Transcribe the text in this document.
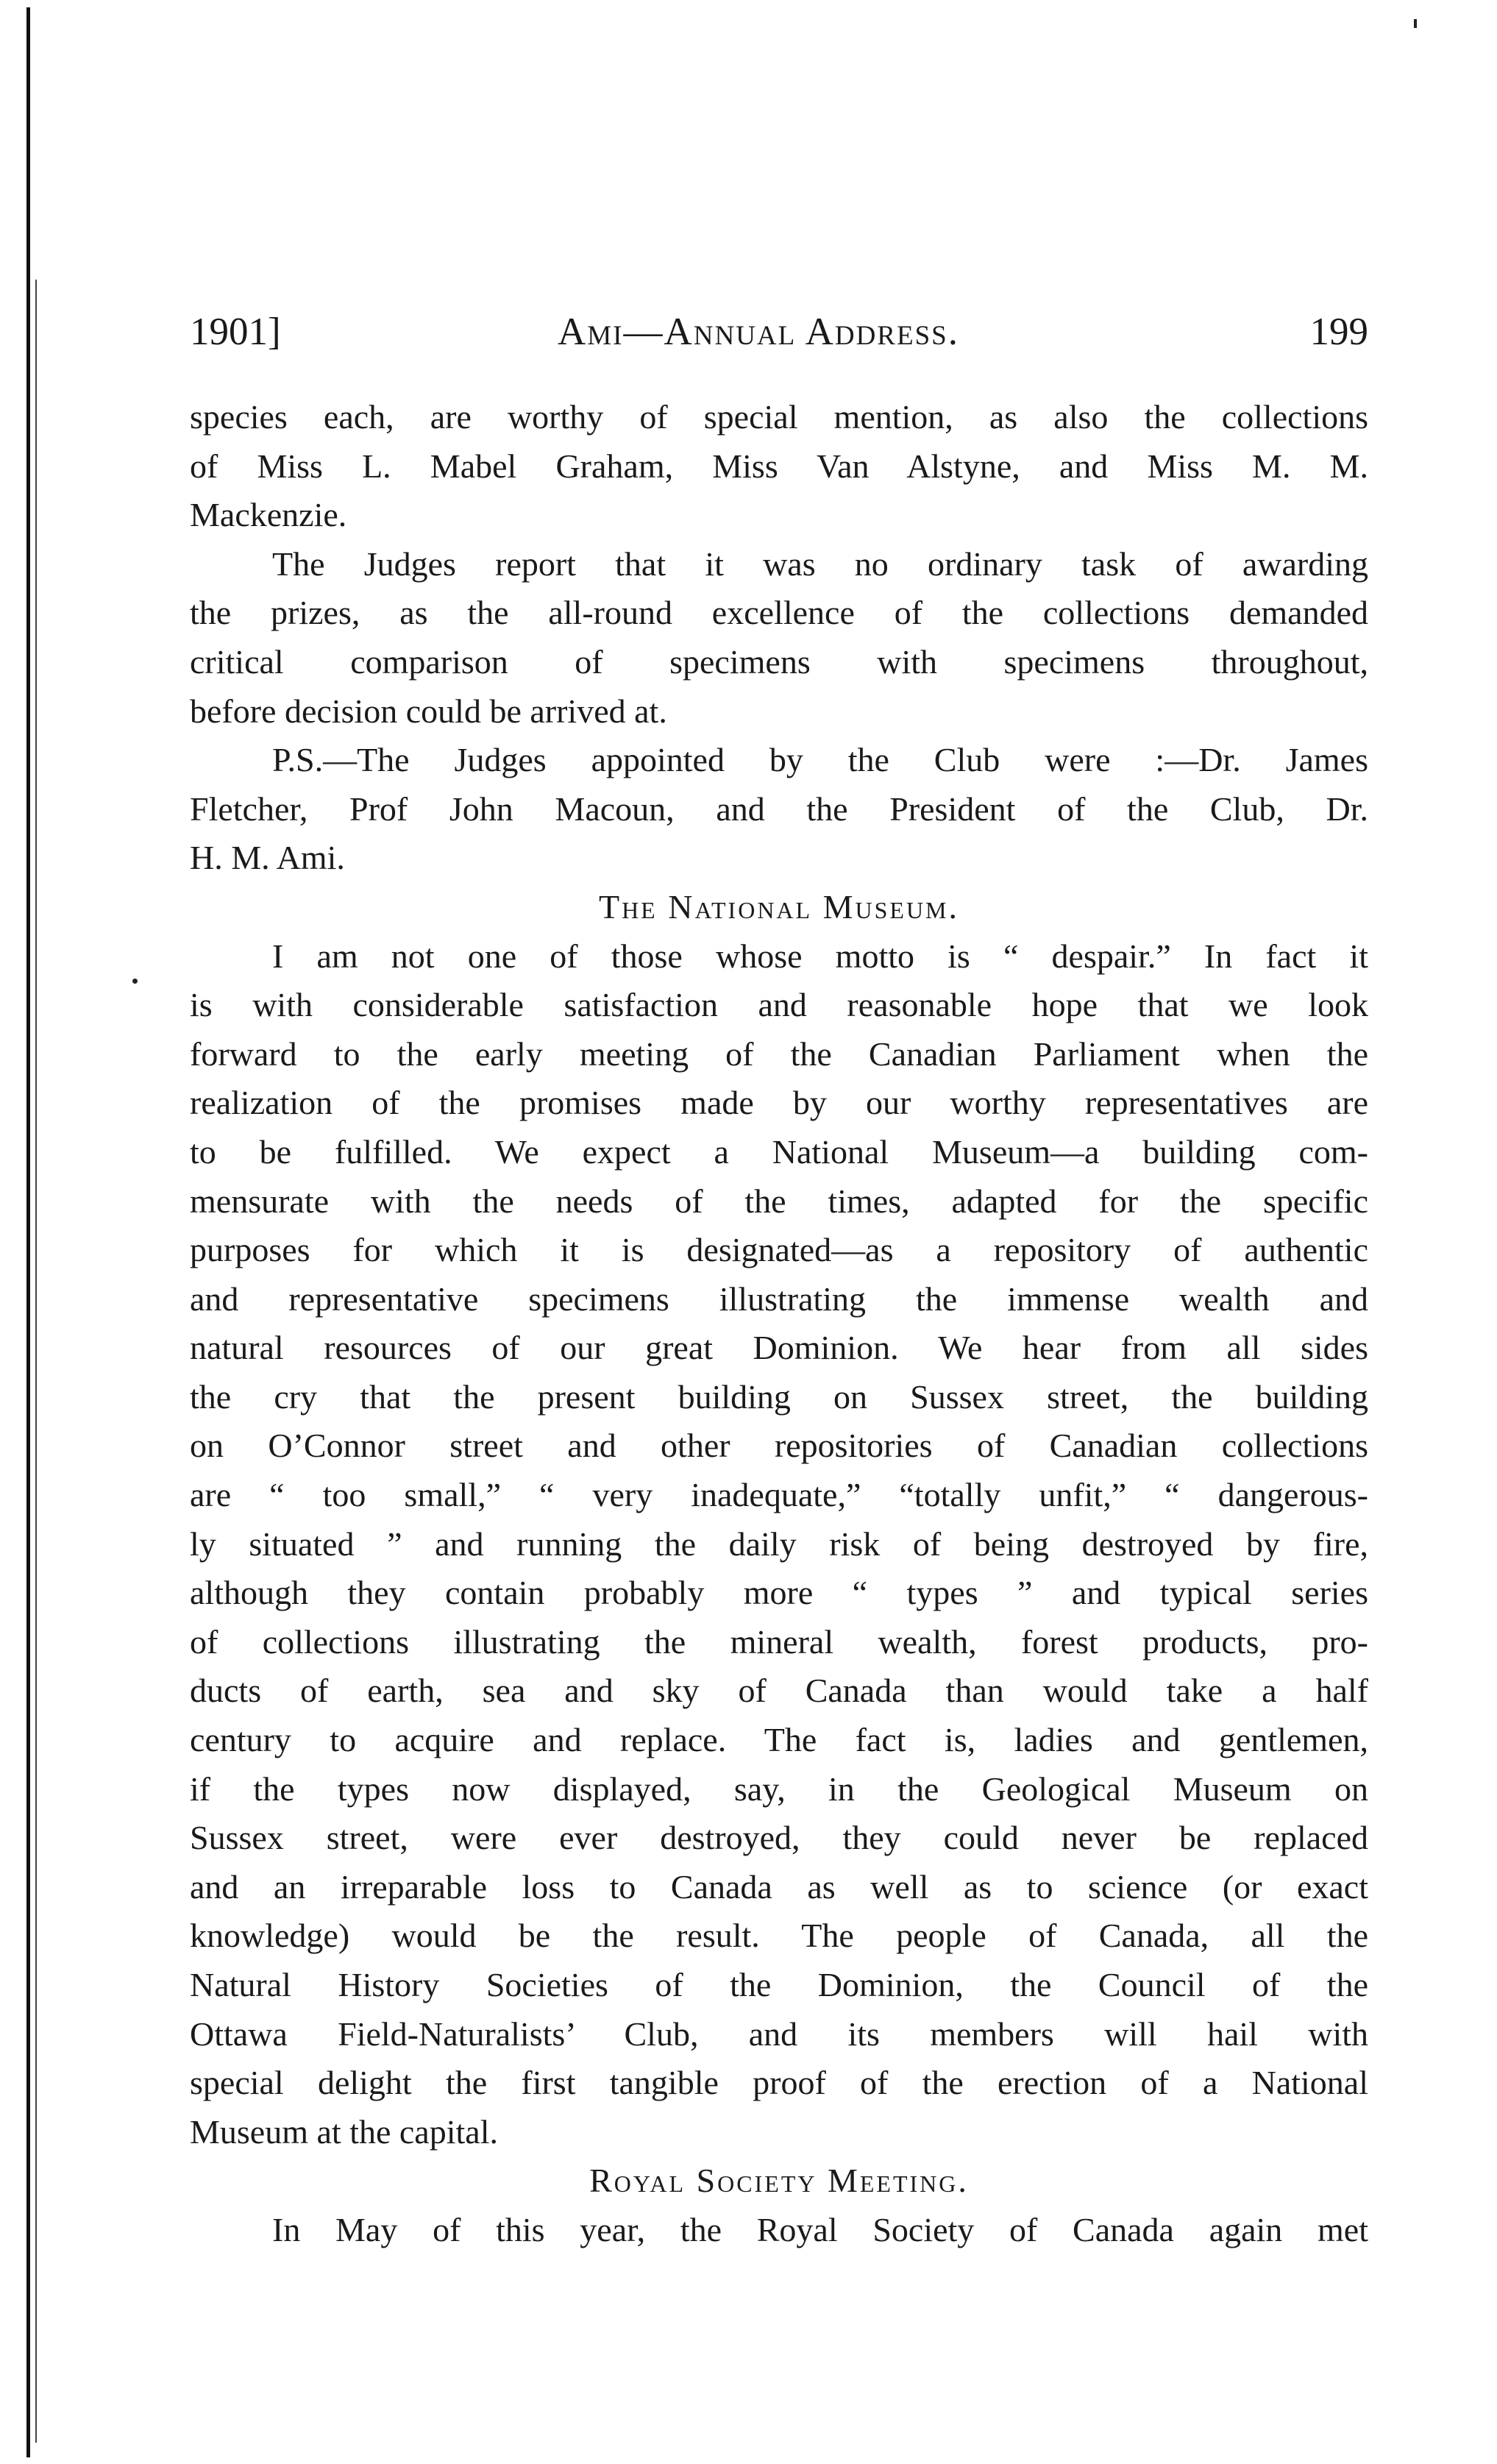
1901]	Ami—Annual Address.	199
species each, are worthy of special mention, as also the collections
of Miss L. Mabel Graham, Miss Van Alstyne, and Miss M. M.
Mackenzie.
The Judges report that it was no ordinary task of awarding
the prizes, as the all-round excellence of the collections demanded
critical comparison of specimens with specimens throughout,
before decision could be arrived at.
P.S.—The Judges appointed by the Club were :—Dr. James
Fletcher, Prof John Macoun, and the President of the Club, Dr.
H. M. Ami.
The National Museum.
I am not one of those whose motto is “ despair.” In fact it
is with considerable satisfaction and reasonable hope that we look
forward to the early meeting of the Canadian Parliament when the
realization of the promises made by our worthy representatives are
to be fulfilled. We expect a National Museum—a building com-
mensurate with the needs of the times, adapted for the specific
purposes for which it is designated—as a repository of authentic
and representative specimens illustrating the immense wealth and
natural resources of our great Dominion. We hear from all sides
the cry that the present building on Sussex street, the building
on O’Connor street and other repositories of Canadian collections
are “ too small,” “ very inadequate,” “totally unfit,” “ dangerous-
ly situated ” and running the daily risk of being destroyed by fire,
although they contain probably more “ types ” and typical series
of collections illustrating the mineral wealth, forest products, pro-
ducts of earth, sea and sky of Canada than would take a half
century to acquire and replace. The fact is, ladies and gentlemen,
if the types now displayed, say, in the Geological Museum on
Sussex street, were ever destroyed, they could never be replaced
and an irreparable loss to Canada as well as to science (or exact
knowledge) would be the result. The people of Canada, all the
Natural History Societies of the Dominion, the Council of the
Ottawa Field-Naturalists’ Club, and its members will hail with
special delight the first tangible proof of the erection of a National
Museum at the capital.
Royal Society Meeting.
In May of this year, the Royal Society of Canada again met
